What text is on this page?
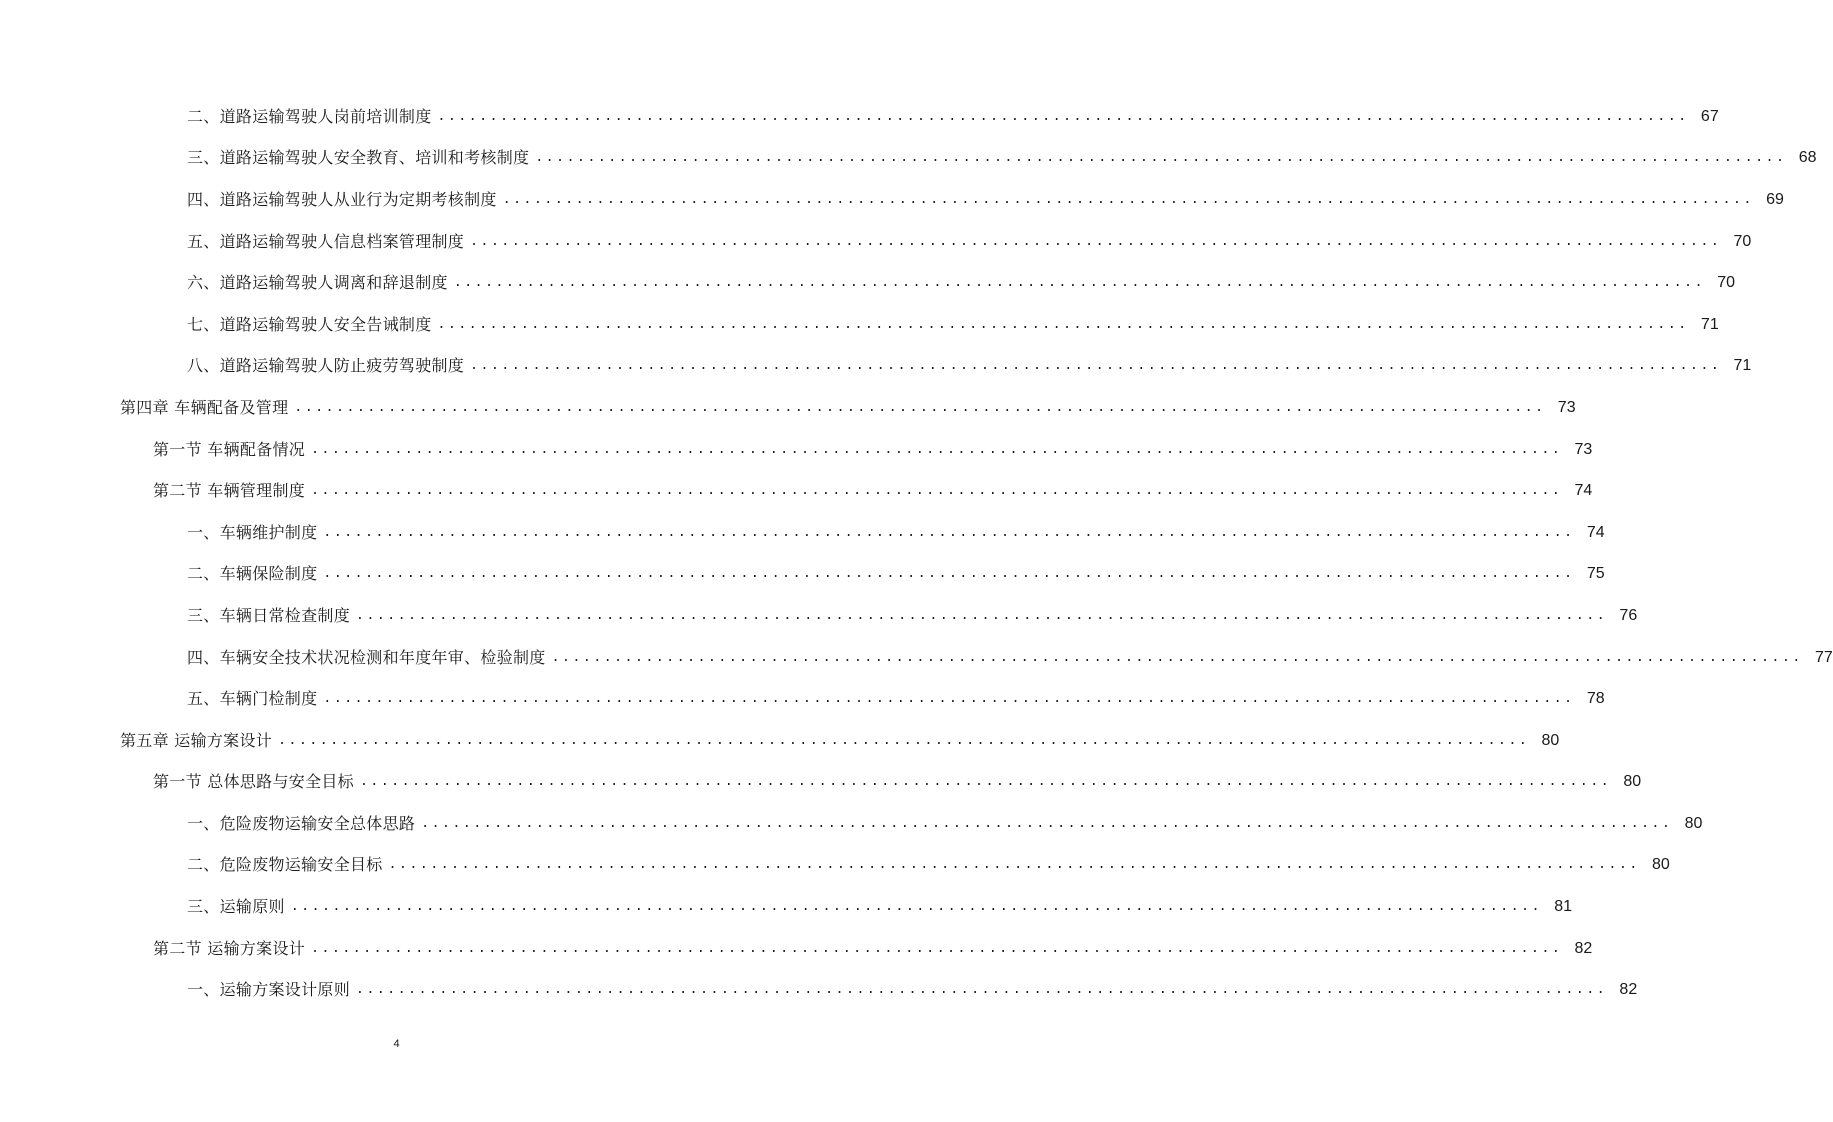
二、道路运输驾驶人岗前培训制度 ........................................................................................................................ 67
三、道路运输驾驶人安全教育、培训和考核制度 ........................................................................................................................ 68
四、道路运输驾驶人从业行为定期考核制度 ........................................................................................................................ 69
五、道路运输驾驶人信息档案管理制度 ........................................................................................................................ 70
六、道路运输驾驶人调离和辞退制度 ........................................................................................................................ 70
七、道路运输驾驶人安全告诫制度 ........................................................................................................................ 71
八、道路运输驾驶人防止疲劳驾驶制度 ........................................................................................................................ 71
第四章 车辆配备及管理 ........................................................................................................................ 73
第一节 车辆配备情况 ........................................................................................................................ 73
第二节 车辆管理制度 ........................................................................................................................ 74
一、车辆维护制度 ........................................................................................................................ 74
二、车辆保险制度 ........................................................................................................................ 75
三、车辆日常检查制度 ........................................................................................................................ 76
四、车辆安全技术状况检测和年度年审、检验制度 ........................................................................................................................ 77
五、车辆门检制度 ........................................................................................................................ 78
第五章 运输方案设计 ........................................................................................................................ 80
第一节 总体思路与安全目标 ........................................................................................................................ 80
一、危险废物运输安全总体思路 ........................................................................................................................ 80
二、危险废物运输安全目标 ........................................................................................................................ 80
三、运输原则 ........................................................................................................................ 81
第二节 运输方案设计 ........................................................................................................................ 82
一、运输方案设计原则 ........................................................................................................................ 82
4
